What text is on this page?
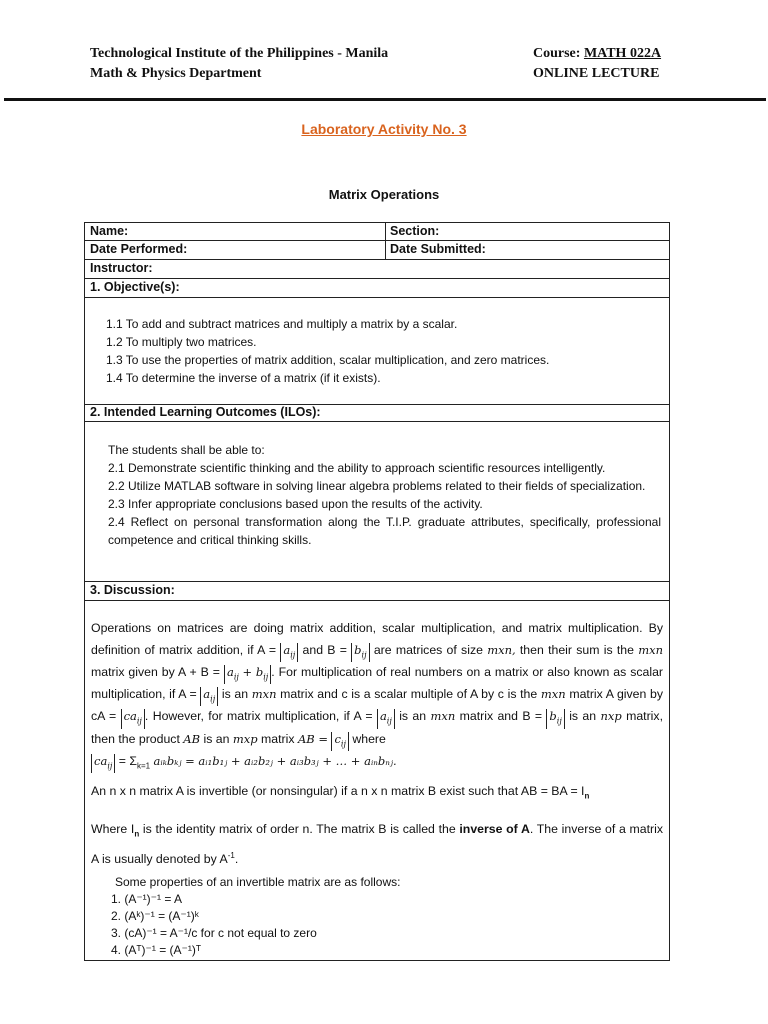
Technological Institute of the Philippines - Manila
Math & Physics Department
Course: MATH 022A
ONLINE LECTURE
Laboratory Activity No. 3
Matrix Operations
Name:	Section:
Date Performed:	Date Submitted:
Instructor:
1. Objective(s):
1.1 To add and subtract matrices and multiply a matrix by a scalar.
1.2 To multiply two matrices.
1.3 To use the properties of matrix addition, scalar multiplication, and zero matrices.
1.4 To determine the inverse of a matrix (if it exists).
2. Intended Learning Outcomes (ILOs):
The students shall be able to:
2.1 Demonstrate scientific thinking and the ability to approach scientific resources intelligently.
2.2 Utilize MATLAB software in solving linear algebra problems related to their fields of specialization.
2.3 Infer appropriate conclusions based upon the results of the activity.
2.4 Reflect on personal transformation along the T.I.P. graduate attributes, specifically, professional competence and critical thinking skills.
3. Discussion:
Operations on matrices are doing matrix addition, scalar multiplication, and matrix multiplication. By definition of matrix addition, if $A = a_{ij}$ and $B = b_{ij}$ are matrices of size mxn, then their sum is the mxn matrix given by $A + B = a_{ij} + b_{ij}$ . For multiplication of real numbers on a matrix or also known as scalar multiplication, if $A = a_{ij}$ is an mxn matrix and c is a scalar multiple of A by c is the mxn matrix A given by cA = $ca_{ij}$ . However, for matrix multiplication, if $A = a_{ij}$ is an mxn matrix and $B = b_{ij}$ is an nxp matrix, then the product AB is an mxp matrix AB = $c_{ij}$ where
$ca_{ij} = \Sigma_{k=1}$ aᵢₖbₖⱼ = aᵢ₁b₁ⱼ + aᵢ₂b₂ⱼ + aᵢ₃b₃ⱼ + … + aᵢₙbₙⱼ.
An n x n matrix A is invertible (or nonsingular) if a n x n matrix B exist such that AB = BA = $I_n$
Where $I_n$ is the identity matrix of order n. The matrix B is called the inverse of A. The inverse of a matrix A is usually denoted by $A^{-1}$.
Some properties of an invertible matrix are as follows:
1. (A⁻¹)⁻¹ = A
2. (Aᵏ)⁻¹ = (A⁻¹)ᵏ
3. (cA)⁻¹ = A⁻¹/c for c not equal to zero
4. (Aᵀ)⁻¹ = (A⁻¹)ᵀ
